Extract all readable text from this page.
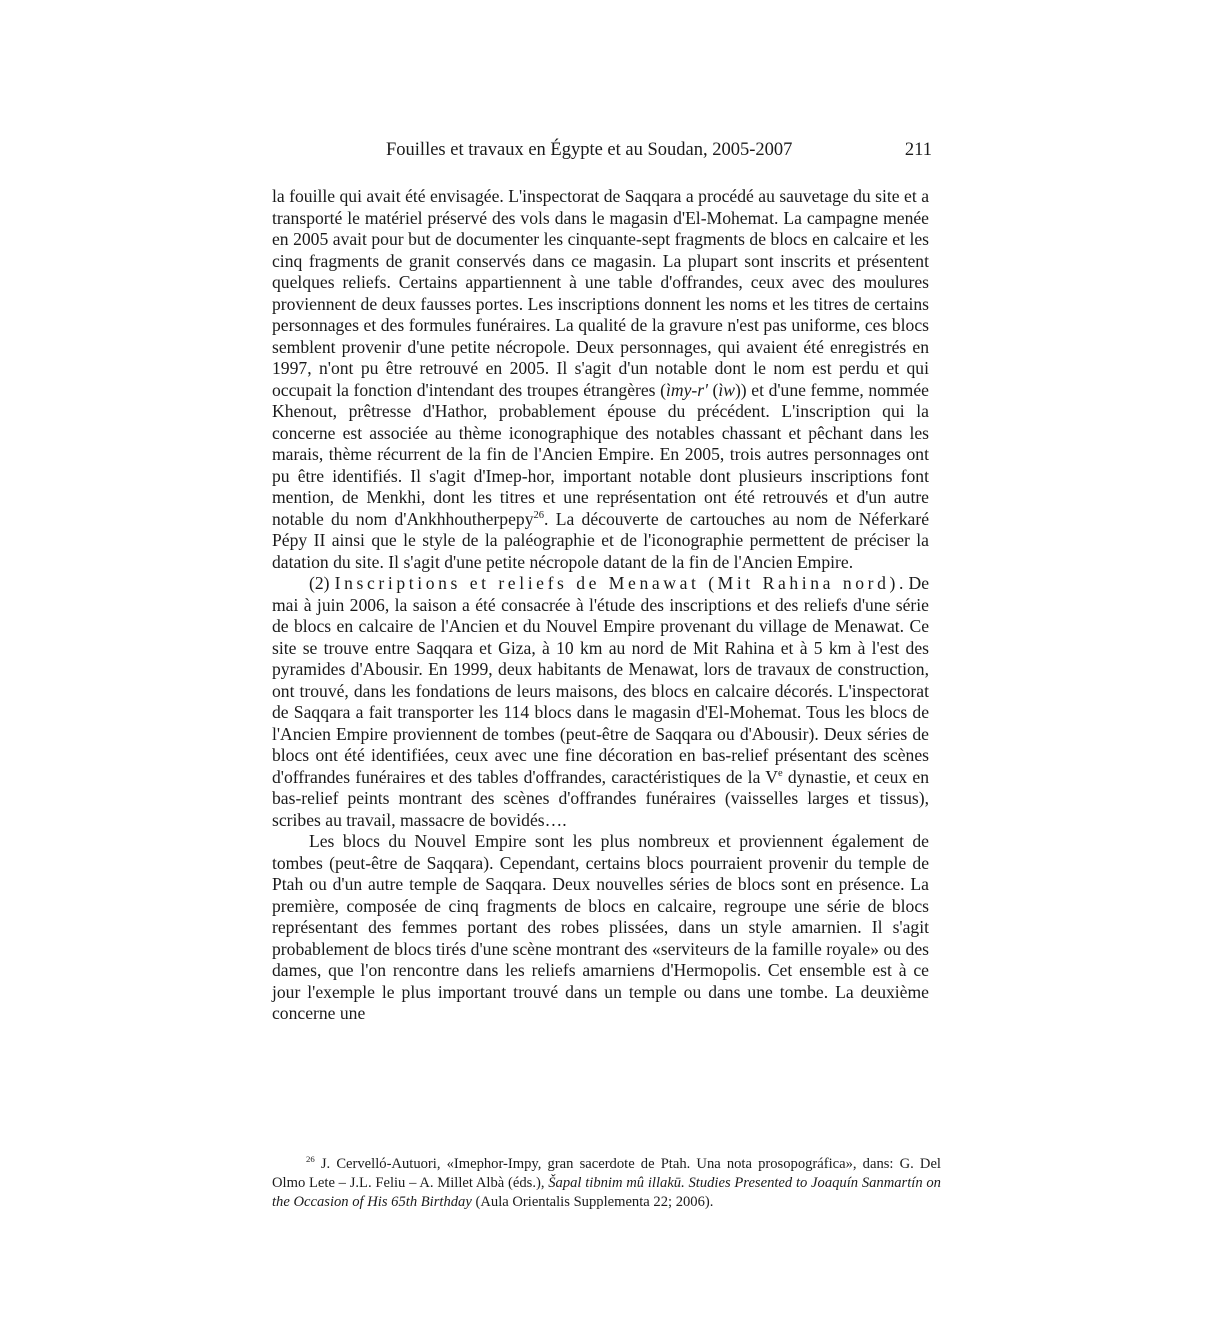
Fouilles et travaux en Égypte et au Soudan, 2005-2007	211

la fouille qui avait été envisagée. L'inspectorat de Saqqara a procédé au sauvetage du site et a transporté le matériel préservé des vols dans le magasin d'El-Mohemat. La campagne menée en 2005 avait pour but de documenter les cinquante-sept fragments de blocs en calcaire et les cinq fragments de granit conservés dans ce magasin. La plupart sont inscrits et présentent quelques reliefs. Certains appartiennent à une table d'offrandes, ceux avec des moulures proviennent de deux fausses portes. Les inscriptions donnent les noms et les titres de certains personnages et des formules funéraires. La qualité de la gravure n'est pas uniforme, ces blocs semblent provenir d'une petite nécropole. Deux personnages, qui avaient été enregistrés en 1997, n'ont pu être retrouvé en 2005. Il s'agit d'un notable dont le nom est perdu et qui occupait la fonction d'intendant des troupes étrangères (ìmy-r' (ìw)) et d'une femme, nommée Khenout, prêtresse d'Hathor, probablement épouse du précédent. L'inscription qui la concerne est associée au thème iconographique des notables chassant et pêchant dans les marais, thème récurrent de la fin de l'Ancien Empire. En 2005, trois autres personnages ont pu être identifiés. Il s'agit d'Imep-hor, important notable dont plusieurs inscriptions font mention, de Menkhi, dont les titres et une représentation ont été retrouvés et d'un autre notable du nom d'Ankhhoutherpepy$^{26}$. La découverte de cartouches au nom de Néferkaré Pépy II ainsi que le style de la paléographie et de l'iconographie permettent de préciser la datation du site. Il s'agit d'une petite nécropole datant de la fin de l'Ancien Empire.

(2) Inscriptions et reliefs de Menawat (Mit Rahina nord). De mai à juin 2006, la saison a été consacrée à l'étude des inscriptions et des reliefs d'une série de blocs en calcaire de l'Ancien et du Nouvel Empire provenant du village de Menawat. Ce site se trouve entre Saqqara et Giza, à 10 km au nord de Mit Rahina et à 5 km à l'est des pyramides d'Abousir. En 1999, deux habitants de Menawat, lors de travaux de construction, ont trouvé, dans les fondations de leurs maisons, des blocs en calcaire décorés. L'inspectorat de Saqqara a fait transporter les 114 blocs dans le magasin d'El-Mohemat. Tous les blocs de l'Ancien Empire proviennent de tombes (peut-être de Saqqara ou d'Abousir). Deux séries de blocs ont été identifiées, ceux avec une fine décoration en bas-relief présentant des scènes d'offrandes funéraires et des tables d'offrandes, caractéristiques de la Ve dynastie, et ceux en bas-relief peints montrant des scènes d'offrandes funéraires (vaisselles larges et tissus), scribes au travail, massacre de bovidés….

Les blocs du Nouvel Empire sont les plus nombreux et proviennent également de tombes (peut-être de Saqqara). Cependant, certains blocs pourraient provenir du temple de Ptah ou d'un autre temple de Saqqara. Deux nouvelles séries de blocs sont en présence. La première, composée de cinq fragments de blocs en calcaire, regroupe une série de blocs représentant des femmes portant des robes plissées, dans un style amarnien. Il s'agit probablement de blocs tirés d'une scène montrant des «serviteurs de la famille royale» ou des dames, que l'on rencontre dans les reliefs amarniens d'Hermopolis. Cet ensemble est à ce jour l'exemple le plus important trouvé dans un temple ou dans une tombe. La deuxième concerne une

$^{26}$ J. Cervelló-Autuori, «Imephor-Impy, gran sacerdote de Ptah. Una nota prosopográfica», dans: G. Del Olmo Lete – J.L. Feliu – A. Millet Albà (éds.), Šapal tibnim mû illakū. Studies Presented to Joaquín Sanmartín on the Occasion of His 65th Birthday (Aula Orientalis Supplementa 22; 2006).
